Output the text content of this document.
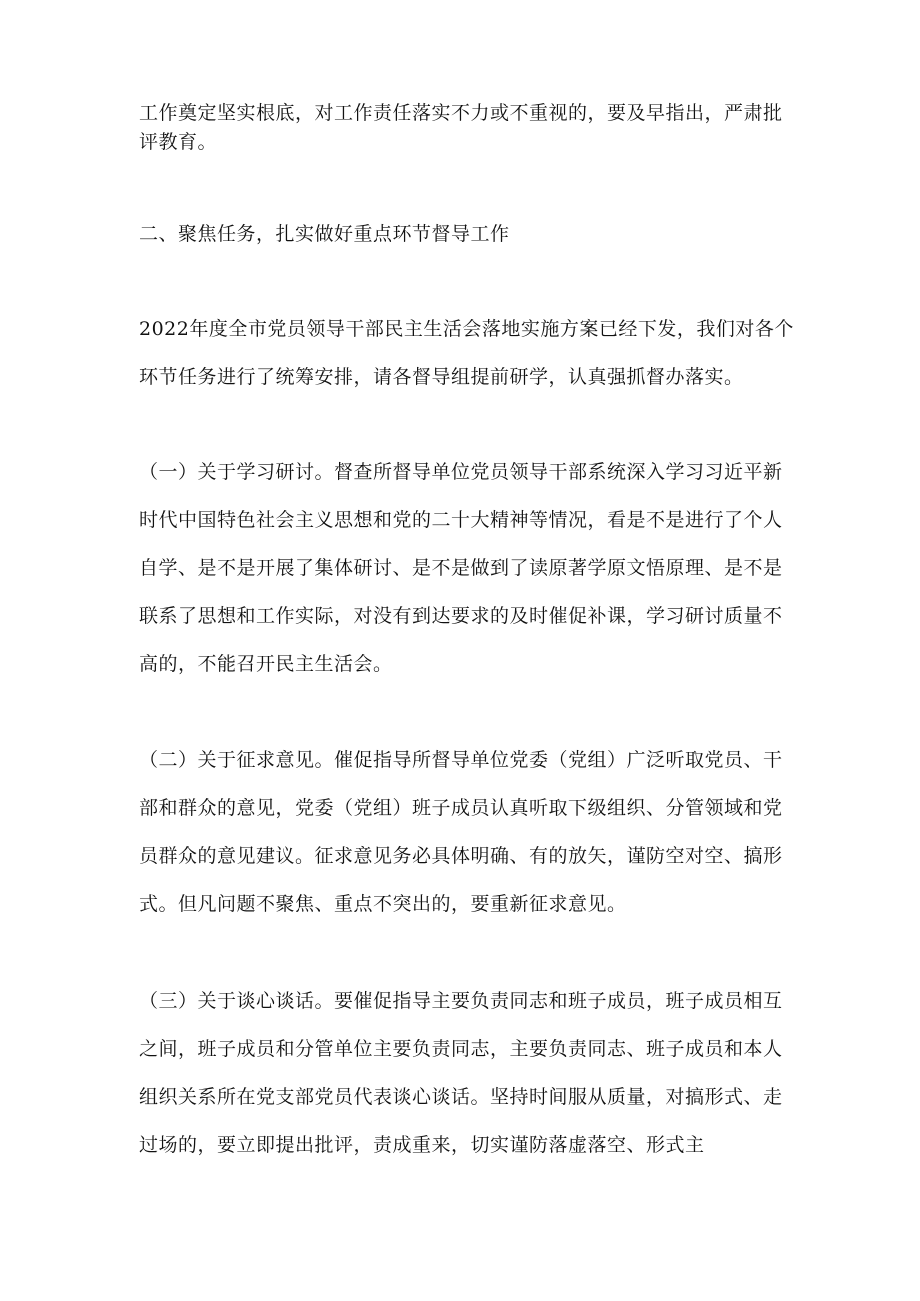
工作奠定坚实根底，对工作责任落实不力或不重视的，要及早指出，严肃批评教育。

二、聚焦任务，扎实做好重点环节督导工作

2022年度全市党员领导干部民主生活会落地实施方案已经下发，我们对各个环节任务进行了统筹安排，请各督导组提前研学，认真强抓督办落实。

（一）关于学习研讨。督查所督导单位党员领导干部系统深入学习习近平新时代中国特色社会主义思想和党的二十大精神等情况，看是不是进行了个人自学、是不是开展了集体研讨、是不是做到了读原著学原文悟原理、是不是联系了思想和工作实际，对没有到达要求的及时催促补课，学习研讨质量不高的，不能召开民主生活会。

（二）关于征求意见。催促指导所督导单位党委（党组）广泛听取党员、干部和群众的意见，党委（党组）班子成员认真听取下级组织、分管领域和党员群众的意见建议。征求意见务必具体明确、有的放矢，谨防空对空、搞形式。但凡问题不聚焦、重点不突出的，要重新征求意见。

（三）关于谈心谈话。要催促指导主要负责同志和班子成员，班子成员相互之间，班子成员和分管单位主要负责同志，主要负责同志、班子成员和本人组织关系所在党支部党员代表谈心谈话。坚持时间服从质量，对搞形式、走过场的，要立即提出批评，责成重来，切实谨防落虚落空、形式主
